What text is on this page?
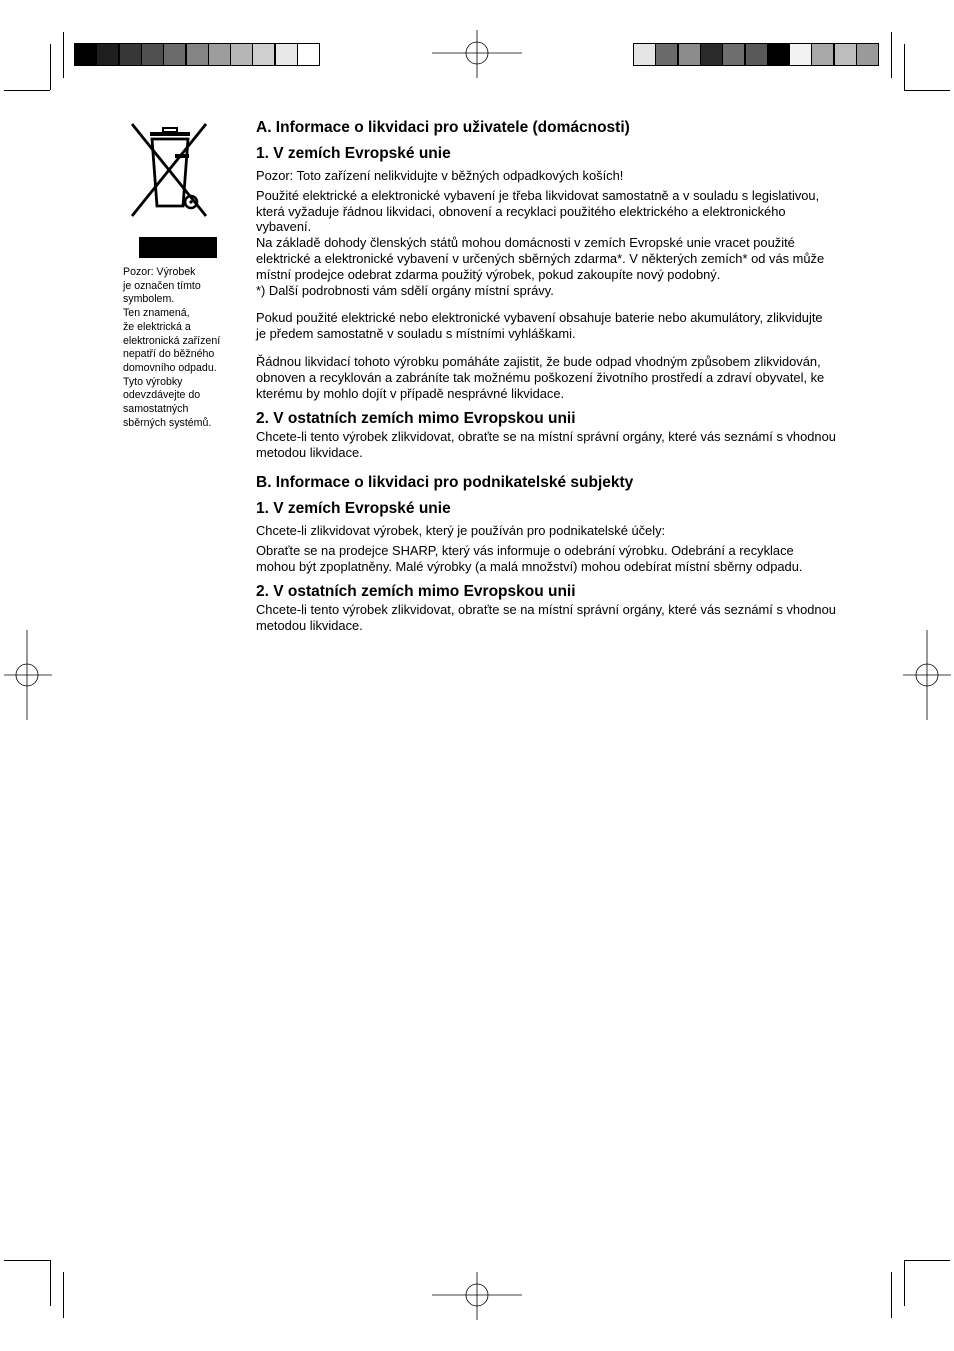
Pozor: Výrobek
je označen tímto
symbolem.
Ten znamená,
že elektrická a
elektronická zařízení
nepatří do běžného
domovního odpadu.
Tyto výrobky
odevzdávejte do
samostatných
sběrných systémů.
A. Informace o likvidaci pro uživatele (domácnosti)
1. V zemích Evropské unie

Pozor: Toto zařízení nelikvidujte v běžných odpadkových koších!

Použité elektrické a elektronické vybavení je třeba likvidovat samostatně a v souladu s legislativou, která vyžaduje řádnou likvidaci, obnovení a recyklaci použitého elektrického a elektronického vybavení.

Na základě dohody členských států mohou domácnosti v zemích Evropské unie vracet použité elektrické a elektronické vybavení v určených sběrných zdarma*. V některých zemích* od vás může místní prodejce odebrat zdarma použitý výrobek, pokud zakoupíte nový podobný.

*) Další podrobnosti vám sdělí orgány místní správy.

Pokud použité elektrické nebo elektronické vybavení obsahuje baterie nebo akumulátory, zlikvidujte je předem samostatně v souladu s místními vyhláškami.

Řádnou likvidací tohoto výrobku pomáháte zajistit, že bude odpad vhodným způsobem zlikvidován, obnoven a recyklován a zabráníte tak možnému poškození životního prostředí a zdraví obyvatel, ke kterému by mohlo dojít v případě nesprávné likvidace.

2. V ostatních zemích mimo Evropskou unii

Chcete-li tento výrobek zlikvidovat, obraťte se na místní správní orgány, které vás seznámí s vhodnou metodou likvidace.

B. Informace o likvidaci pro podnikatelské subjekty
1. V zemích Evropské unie

Chcete-li zlikvidovat výrobek, který je používán pro podnikatelské účely:

Obraťte se na prodejce SHARP, který vás informuje o odebrání výrobku. Odebrání a recyklace mohou být zpoplatněny. Malé výrobky (a malá množství) mohou odebírat místní sběrny odpadu.

2. V ostatních zemích mimo Evropskou unii

Chcete-li tento výrobek zlikvidovat, obraťte se na místní správní orgány, které vás seznámí s vhodnou metodou likvidace.
